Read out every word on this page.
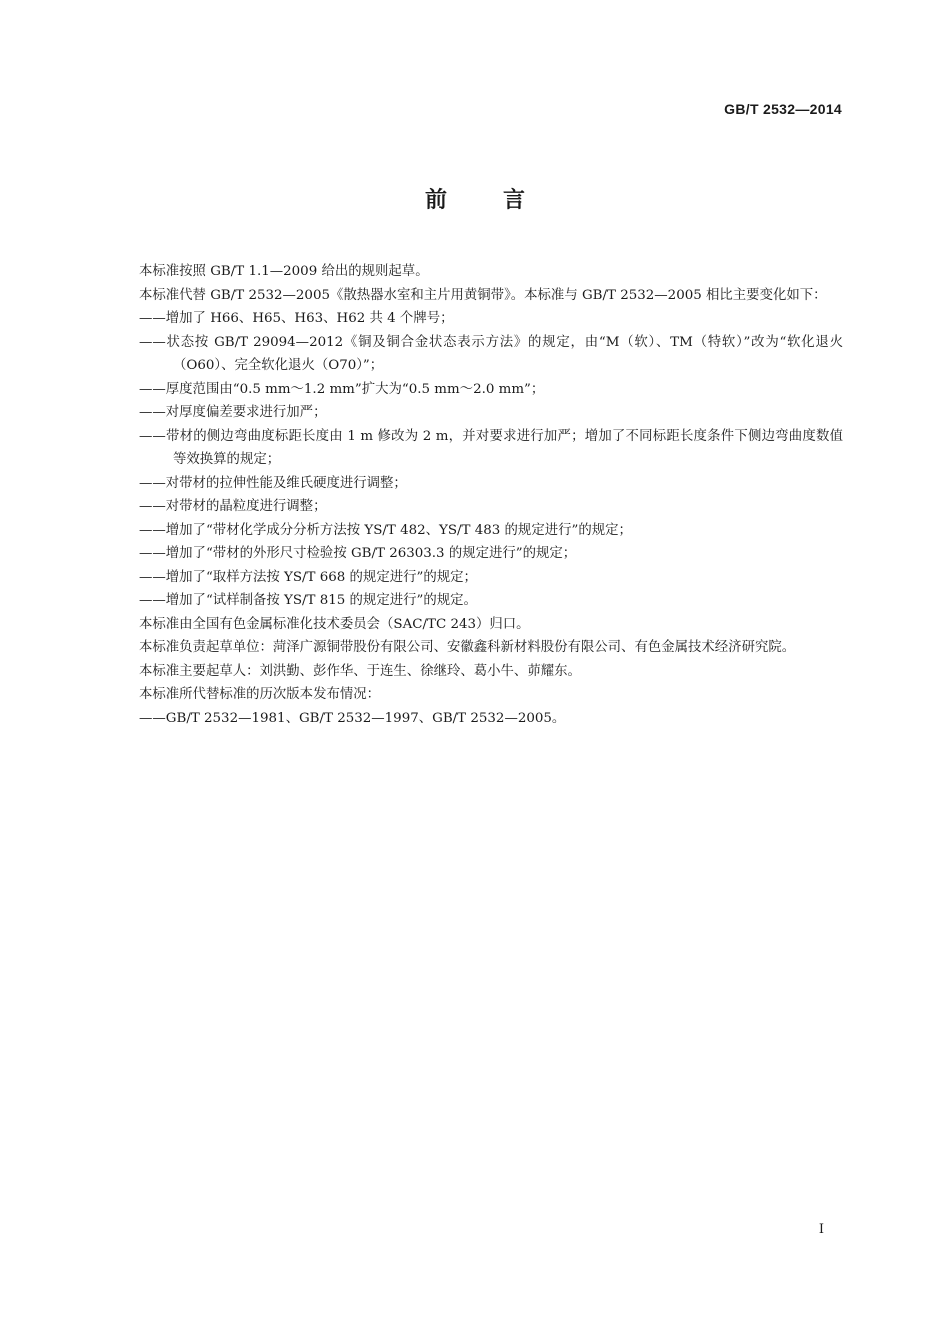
GB/T 2532—2014
前言

本标准按照 GB/T 1.1—2009 给出的规则起草。

本标准代替 GB/T 2532—2005《散热器水室和主片用黄铜带》。本标准与 GB/T 2532—2005 相比主要变化如下：

——增加了 H66、H65、H63、H62 共 4 个牌号；

——状态按 GB/T 29094—2012《铜及铜合金状态表示方法》的规定，由“M（软）、TM（特软）”改为“软化退火（O60）、完全软化退火（O70）”；

——厚度范围由“0.5 mm～1.2 mm”扩大为“0.5 mm～2.0 mm”；

——对厚度偏差要求进行加严；

——带材的侧边弯曲度标距长度由 1 m 修改为 2 m，并对要求进行加严；增加了不同标距长度条件下侧边弯曲度数值等效换算的规定；

——对带材的拉伸性能及维氏硬度进行调整；

——对带材的晶粒度进行调整；

——增加了“带材化学成分分析方法按 YS/T 482、YS/T 483 的规定进行”的规定；

——增加了“带材的外形尺寸检验按 GB/T 26303.3 的规定进行”的规定；

——增加了“取样方法按 YS/T 668 的规定进行”的规定；

——增加了“试样制备按 YS/T 815 的规定进行”的规定。

本标准由全国有色金属标准化技术委员会（SAC/TC 243）归口。

本标准负责起草单位：菏泽广源铜带股份有限公司、安徽鑫科新材料股份有限公司、有色金属技术经济研究院。

本标准主要起草人：刘洪勤、彭作华、于连生、徐继玲、葛小牛、茆耀东。

本标准所代替标准的历次版本发布情况：

——GB/T 2532—1981、GB/T 2532—1997、GB/T 2532—2005。

I
